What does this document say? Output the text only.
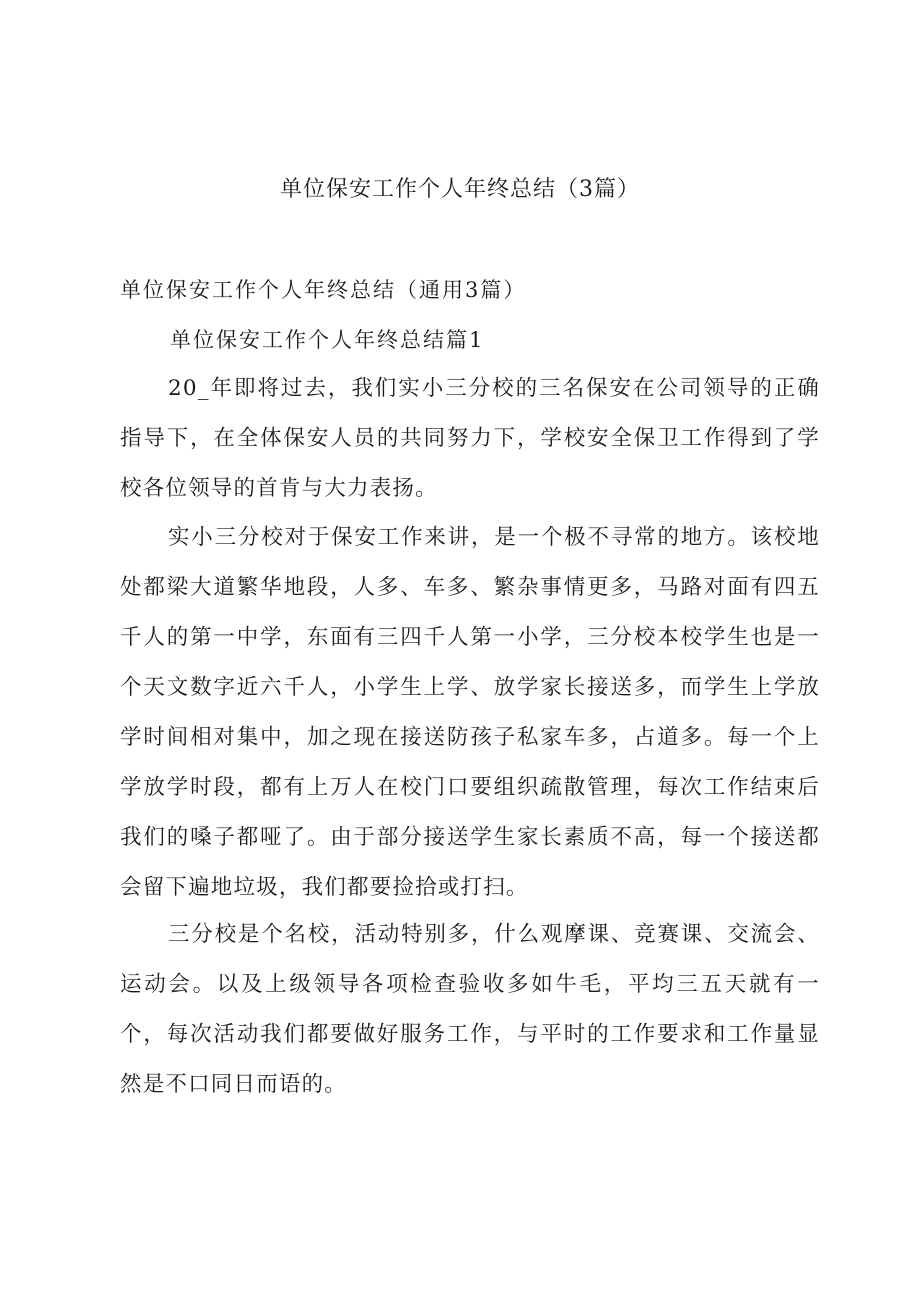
单位保安工作个人年终总结（3篇）

单位保安工作个人年终总结（通用3篇）

单位保安工作个人年终总结篇1

20_年即将过去，我们实小三分校的三名保安在公司领导的正确指导下，在全体保安人员的共同努力下，学校安全保卫工作得到了学校各位领导的首肯与大力表扬。

实小三分校对于保安工作来讲，是一个极不寻常的地方。该校地处都梁大道繁华地段，人多、车多、繁杂事情更多，马路对面有四五千人的第一中学，东面有三四千人第一小学，三分校本校学生也是一个天文数字近六千人，小学生上学、放学家长接送多，而学生上学放学时间相对集中，加之现在接送防孩子私家车多，占道多。每一个上学放学时段，都有上万人在校门口要组织疏散管理，每次工作结束后我们的嗓子都哑了。由于部分接送学生家长素质不高，每一个接送都会留下遍地垃圾，我们都要捡拾或打扫。

三分校是个名校，活动特别多，什么观摩课、竞赛课、交流会、运动会。以及上级领导各项检查验收多如牛毛，平均三五天就有一个，每次活动我们都要做好服务工作，与平时的工作要求和工作量显然是不口同日而语的。
